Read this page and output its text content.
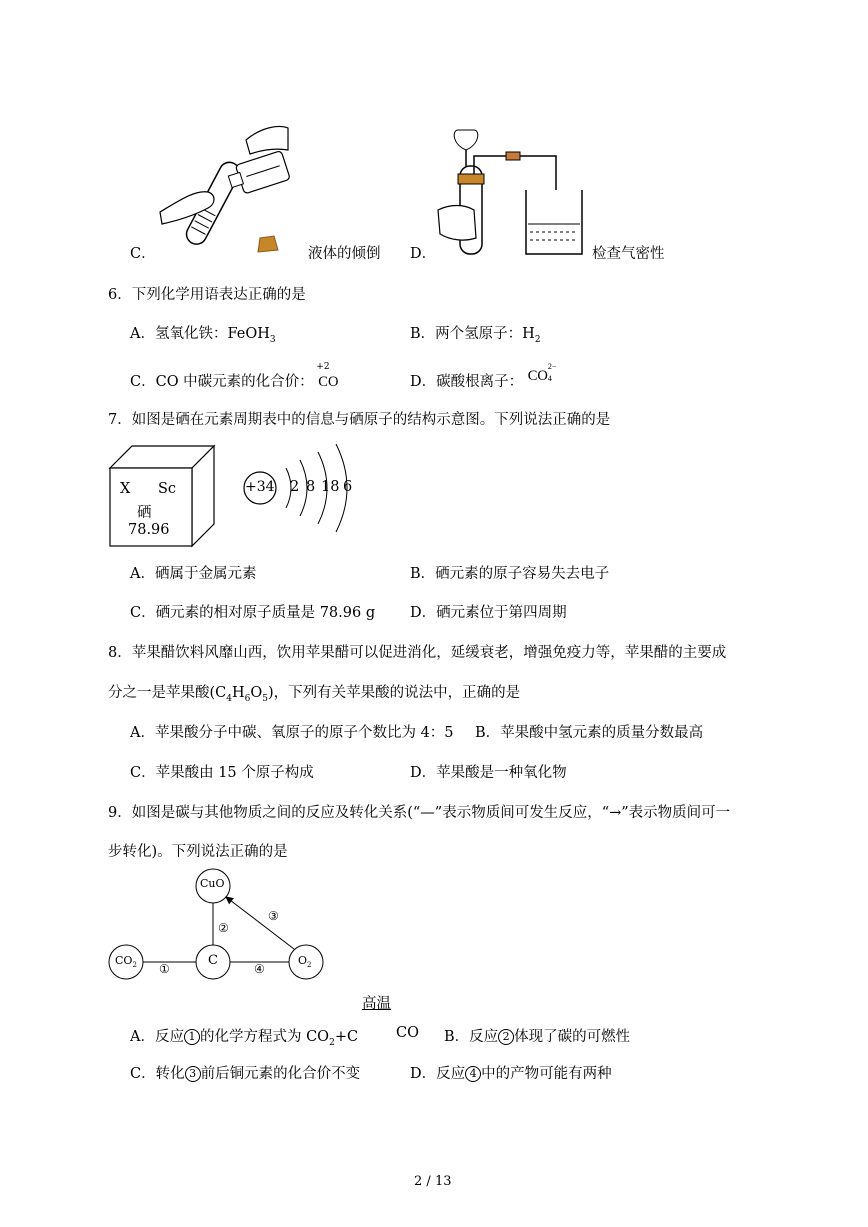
C．	液体的倾倒 D．	检查气密性
6．下列化学用语表达正确的是
A．氢氧化铁：FeOH$_3$	B．两个氢原子：$H_2$
C．CO 中碳元素的化合价：
+2
CO	D．碳酸根离子： CO
2−
4
7．如图是硒在元素周期表中的信息与硒原子的结构示意图。下列说法正确的是
X Sc
硒
78.96
+34 2 8 18 6
A．硒属于金属元素	B．硒元素的原子容易失去电子
C．硒元素的相对原子质量是 78.96 g D．硒元素位于第四周期
8．苹果醋饮料风靡山西，饮用苹果醋可以促进消化，延缓衰老，增强免疫力等，苹果醋的主要成
分之一是苹果酸$(C_4H_6O_5)$，下列有关苹果酸的说法中，正确的是
A．苹果酸分子中碳、氧原子的原子个数比为 4：5 B．苹果酸中氢元素的质量分数最高
C．苹果酸由 15 个原子构成	D．苹果酸是一种氧化物
9．如图是碳与其他物质之间的反应及转化关系(“—”表示物质间可发生反应，“→”表示物质间可一
步转化)。下列说法正确的是
CuO
$CO_2$	C	$O_2$
①
②
③
④
高温
A．反应 1 的化学方程式为 $CO_2+C$	CO B．反应 2 体现了碳的可燃性
C．转化 3 前后铜元素的化合价不变	D．反应 4 中的产物可能有两种
2 / 13
